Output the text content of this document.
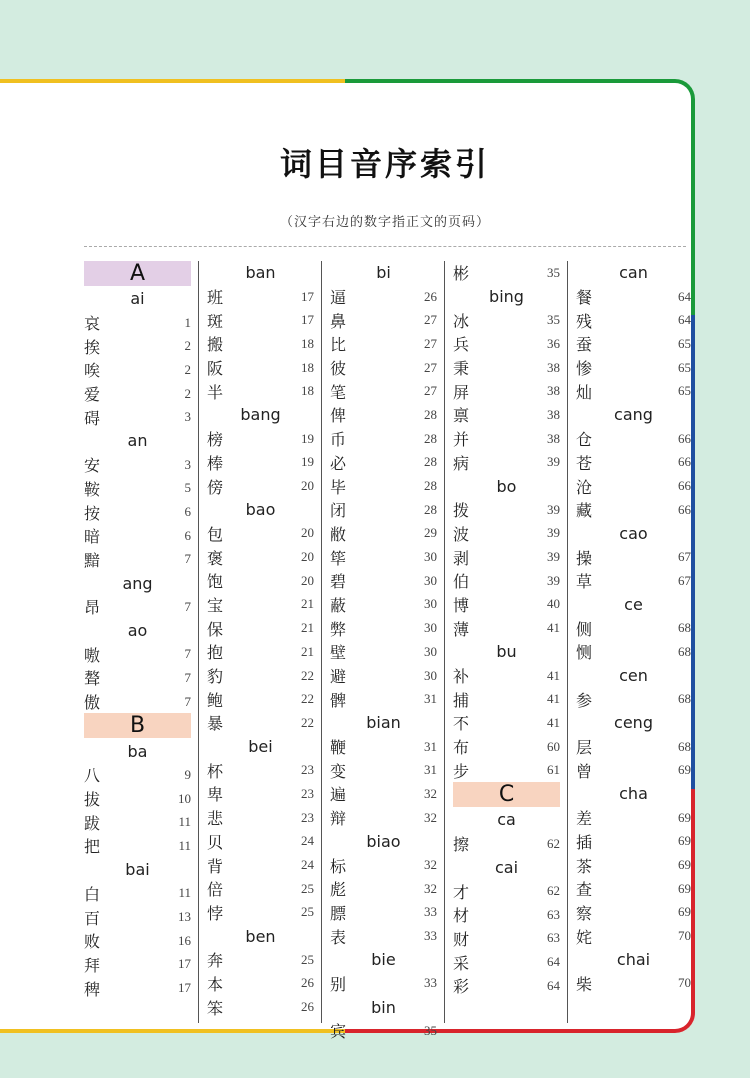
词目音序索引
（汉字右边的数字指正文的页码）
A
ai
哀	1
挨	2
唉	2
爱	2
碍	3
an
安	3
鞍	5
按	6
暗	6
黯	7
ang
昂	7
ao
嗷	7
聱	7
傲	7
B
ba
八	9
拔	10
跋	11
把	11
bai
白	11
百	13
败	16
拜	17
稗	17
ban
班	17
斑	17
搬	18
阪	18
半	18
bang
榜	19
棒	19
傍	20
bao
包	20
褒	20
饱	20
宝	21
保	21
抱	21
豹	22
鲍	22
暴	22
bei
杯	23
卑	23
悲	23
贝	24
背	24
倍	25
悖	25
ben
奔	25
本	26
笨	26
bi
逼	26
鼻	27
比	27
彼	27
笔	27
俾	28
币	28
必	28
毕	28
闭	28
敝	29
筚	30
碧	30
蔽	30
弊	30
壁	30
避	30
髀	31
bian
鞭	31
变	31
遍	32
辩	32
biao
标	32
彪	32
膘	33
表	33
bie
别	33
bin
宾	35
彬	35
bing
冰	35
兵	36
秉	38
屏	38
禀	38
并	38
病	39
bo
拨	39
波	39
剥	39
伯	39
博	40
薄	41
bu
补	41
捕	41
不	41
布	60
步	61
C
ca
擦	62
cai
才	62
材	63
财	63
采	64
彩	64
can
餐	64
残	64
蚕	65
惨	65
灿	65
cang
仓	66
苍	66
沧	66
藏	66
cao
操	67
草	67
ce
侧	68
恻	68
cen
参	68
ceng
层	68
曾	69
cha
差	69
插	69
茶	69
查	69
察	69
姹	70
chai
柴	70
